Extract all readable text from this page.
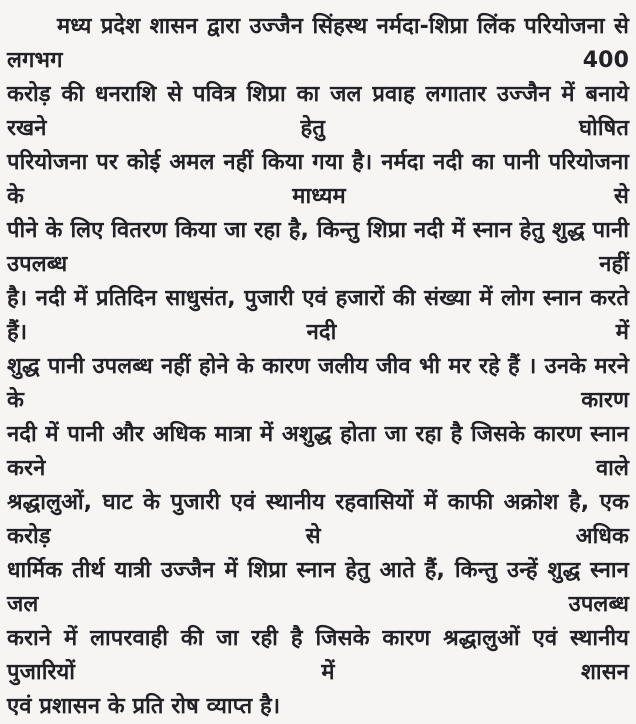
मध्य प्रदेश शासन द्वारा उज्जैन सिंहस्थ नर्मदा-शिप्रा लिंक परियोजना से लगभग 400
करोड़ की धनराशि से पवित्र शिप्रा का जल प्रवाह लगातार उज्जैन में बनाये रखने हेतु घोषित
परियोजना पर कोई अमल नहीं किया गया है। नर्मदा नदी का पानी परियोजना के माध्यम से
पीने के लिए वितरण किया जा रहा है, किन्तु शिप्रा नदी में स्नान हेतु शुद्ध पानी उपलब्ध नहीं
है। नदी में प्रतिदिन साधुसंत, पुजारी एवं हजारों की संख्या में लोग स्नान करते हैं। नदी में
शुद्ध पानी उपलब्ध नहीं होने के कारण जलीय जीव भी मर रहे हैं । उनके मरने के कारण
नदी में पानी और अधिक मात्रा में अशुद्ध होता जा रहा है जिसके कारण स्नान करने वाले
श्रद्धालुओं, घाट के पुजारी एवं स्थानीय रहवासियों में काफी अक्रोश है, एक करोड़ से अधिक
धार्मिक तीर्थ यात्री उज्जैन में शिप्रा स्नान हेतु आते हैं, किन्तु उन्हें शुद्ध स्नान जल उपलब्ध
कराने में लापरवाही की जा रही है जिसके कारण श्रद्धालुओं एवं स्थानीय पुजारियों में शासन
एवं प्रशासन के प्रति रोष व्याप्त है।
